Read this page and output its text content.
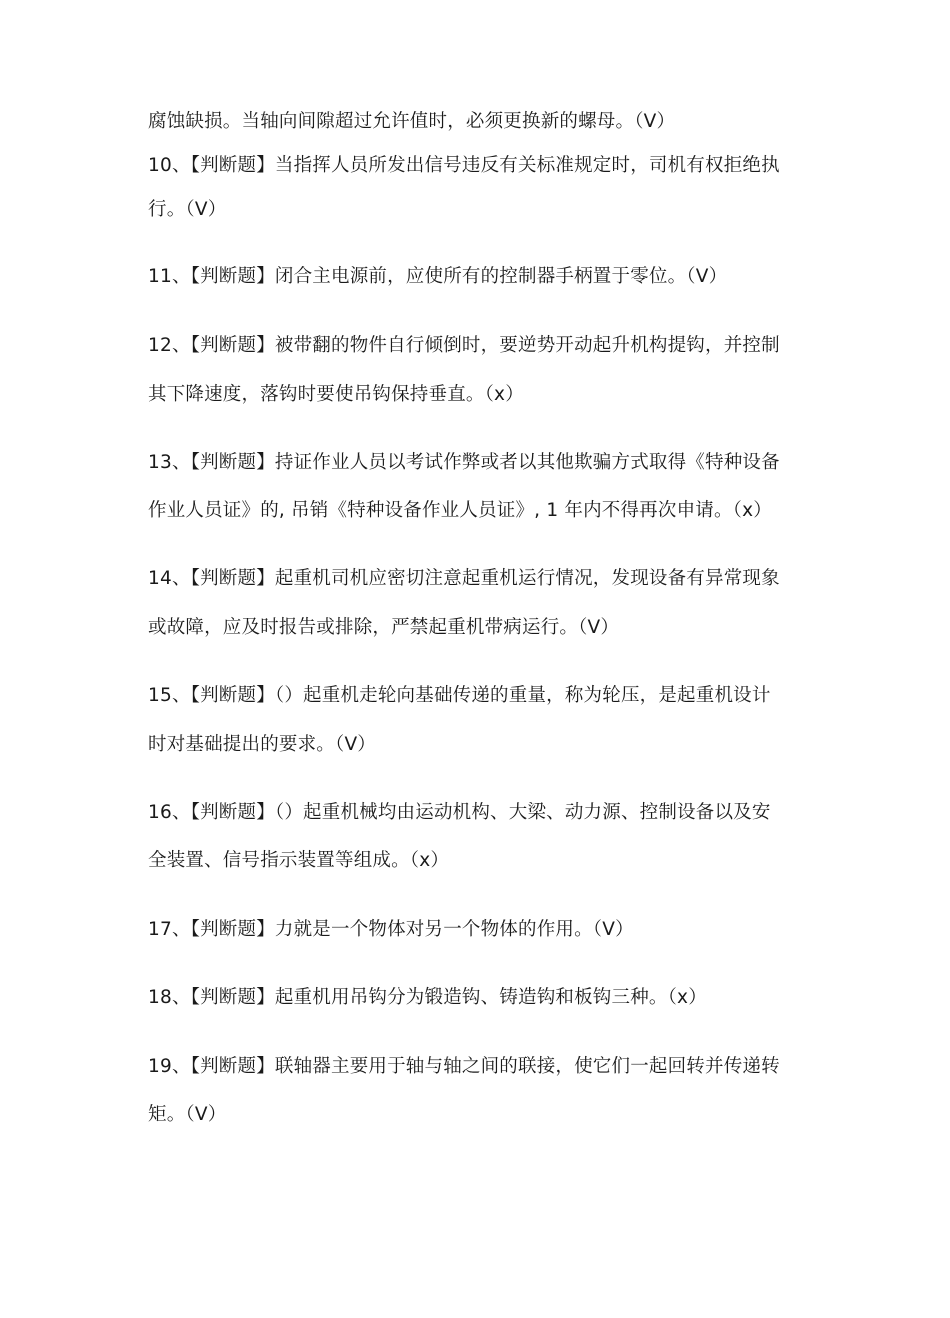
腐蚀缺损。当轴向间隙超过允许值时，必须更换新的螺母。（V）
10、【判断题】当指挥人员所发出信号违反有关标准规定时，司机有权拒绝执
行。（V）
11、【判断题】闭合主电源前，应使所有的控制器手柄置于零位。（V）
12、【判断题】被带翻的物件自行倾倒时，要逆势开动起升机构提钩，并控制
其下降速度，落钩时要使吊钩保持垂直。（x）
13、【判断题】持证作业人员以考试作弊或者以其他欺骗方式取得《特种设备
作业人员证》的, 吊销《特种设备作业人员证》, 1 年内不得再次申请。（x）
14、【判断题】起重机司机应密切注意起重机运行情况，发现设备有异常现象
或故障，应及时报告或排除，严禁起重机带病运行。（V）
15、【判断题】（）起重机走轮向基础传递的重量，称为轮压，是起重机设计
时对基础提出的要求。（V）
16、【判断题】（）起重机械均由运动机构、大梁、动力源、控制设备以及安
全装置、信号指示装置等组成。（x）
17、【判断题】力就是一个物体对另一个物体的作用。（V）
18、【判断题】起重机用吊钩分为锻造钩、铸造钩和板钩三种。（x）
19、【判断题】联轴器主要用于轴与轴之间的联接，使它们一起回转并传递转
矩。（V）
